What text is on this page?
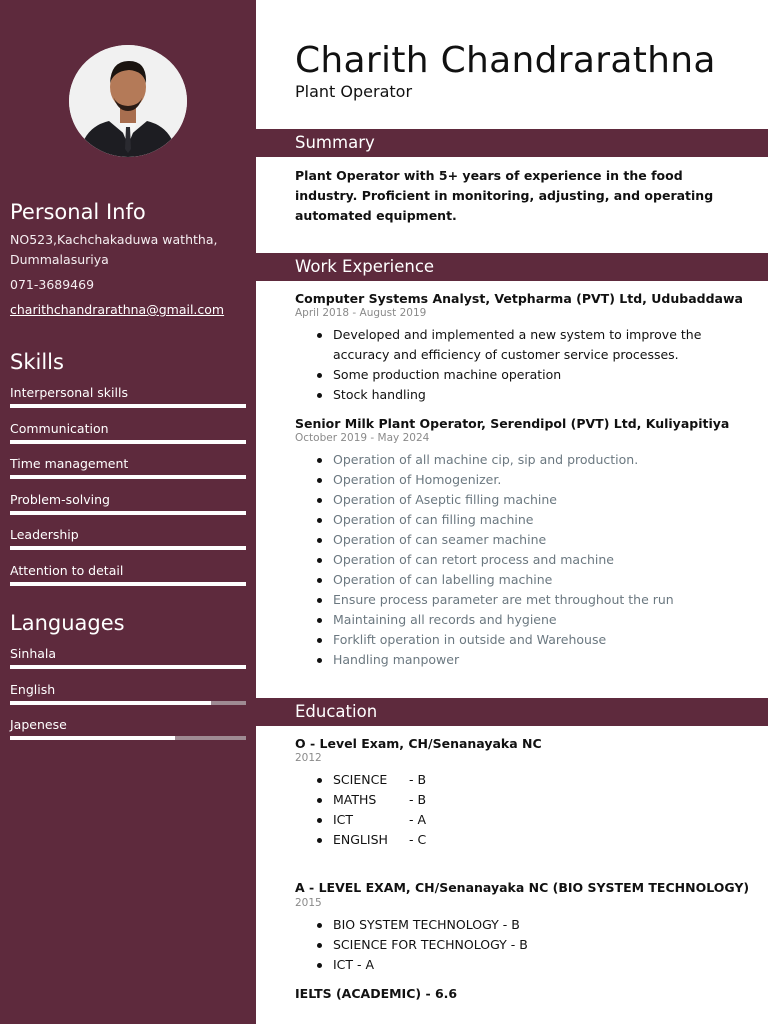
Personal Info
NO523,Kachchakaduwa waththa,
Dummalasuriya
071-3689469
charithchandrarathna@gmail.com
Skills
Interpersonal skills
Communication
Time management
Problem-solving
Leadership
Attention to detail
Languages
Sinhala
English
Japenese
Charith Chandrarathna
Plant Operator
Summary
Plant Operator with 5+ years of experience in the food industry. Proficient in monitoring, adjusting, and operating automated equipment.
Work Experience
Computer Systems Analyst, Vetpharma (PVT) Ltd, Udubaddawa
April 2018 - August 2019
Developed and implemented a new system to improve the accuracy and efficiency of customer service processes.
Some production machine operation
Stock handling
Senior Milk Plant Operator, Serendipol (PVT) Ltd, Kuliyapitiya
October 2019 - May 2024
Operation of all machine cip, sip and production.
Operation of Homogenizer.
Operation of Aseptic ﬁlling machine
Operation of can filling machine
Operation of can seamer machine
Operation of can retort process and machine
Operation of can labelling machine
Ensure process parameter are met throughout the run
Maintaining all records and hygiene
Forklift operation in outside and Warehouse
Handling manpower
Education
O - Level Exam, CH/Senanayaka NC
2012
SCIENCE - B
MATHS	- B
ICT	- A
ENGLISH - C
A - LEVEL EXAM, CH/Senanayaka NC (BIO SYSTEM TECHNOLOGY)
2015
BIO SYSTEM TECHNOLOGY - B
SCIENCE FOR TECHNOLOGY - B
ICT - A
IELTS (ACADEMIC) - 6.6
